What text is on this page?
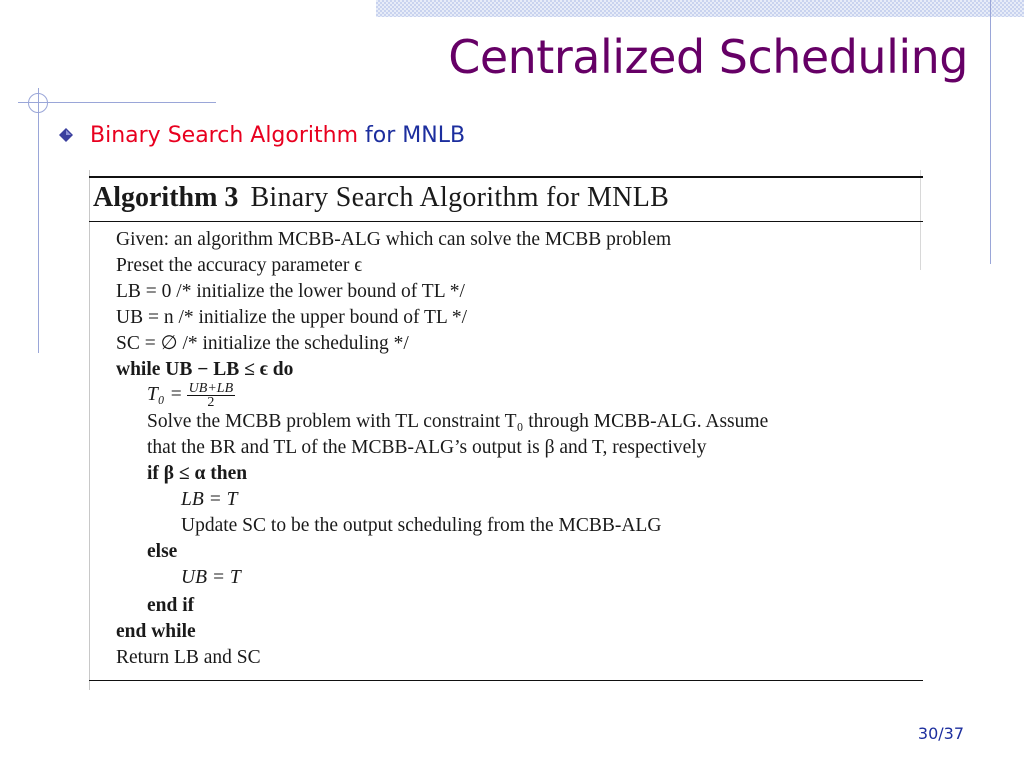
Centralized Scheduling
Binary Search Algorithm
for MNLB
Algorithm 3 Binary Search Algorithm for MNLB
Given: an algorithm MCBB-ALG which can solve the MCBB problem
Preset the accuracy parameter ϵ
LB = 0 /* initialize the lower bound of TL */
UB = n /* initialize the upper bound of TL */
SC = ∅ /* initialize the scheduling */
while UB − LB ≤ ϵ do
$T_0 = \frac{UB+LB}{2}$
Solve the MCBB problem with TL constraint T₀ through MCBB-ALG. Assume
that the BR and TL of the MCBB-ALG’s output is β and T, respectively
if β ≤ α then
LB = T
Update SC to be the output scheduling from the MCBB-ALG
else
UB = T
end if
end while
Return LB and SC
30/37
